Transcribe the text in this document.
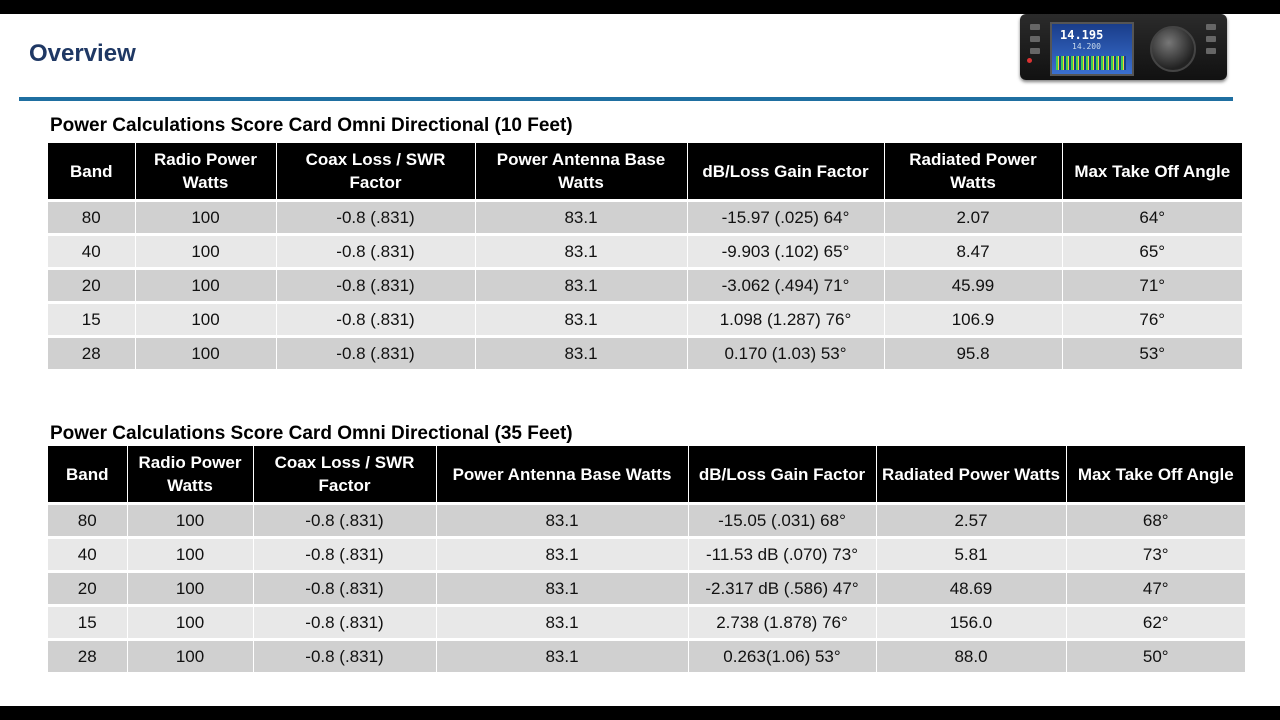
Overview
14.195
14.200
Power Calculations Score Card Omni Directional (10 Feet)
Band	Radio Power Watts	Coax Loss / SWR Factor	Power Antenna Base Watts	dB/Loss Gain Factor	Radiated Power Watts	Max Take Off Angle

80	100	-0.8 (.831)	83.1	-15.97 (.025) 64°	2.07	64°
40	100	-0.8 (.831)	83.1	-9.903 (.102) 65°	8.47	65°
20	100	-0.8 (.831)	83.1	-3.062 (.494) 71°	45.99	71°
15	100	-0.8 (.831)	83.1	1.098 (1.287) 76°	106.9	76°
28	100	-0.8 (.831)	83.1	0.170 (1.03) 53°	95.8	53°
Power Calculations Score Card Omni Directional (35 Feet)
Band	Radio Power Watts	Coax Loss / SWR Factor	Power Antenna Base Watts	dB/Loss Gain Factor	Radiated Power Watts	Max Take Off Angle

80	100	-0.8 (.831)	83.1	-15.05 (.031) 68°	2.57	68°
40	100	-0.8 (.831)	83.1	-11.53 dB (.070) 73°	5.81	73°
20	100	-0.8 (.831)	83.1	-2.317 dB (.586) 47°	48.69	47°
15	100	-0.8 (.831)	83.1	2.738 (1.878) 76°	156.0	62°
28	100	-0.8 (.831)	83.1	0.263(1.06) 53°	88.0	50°
